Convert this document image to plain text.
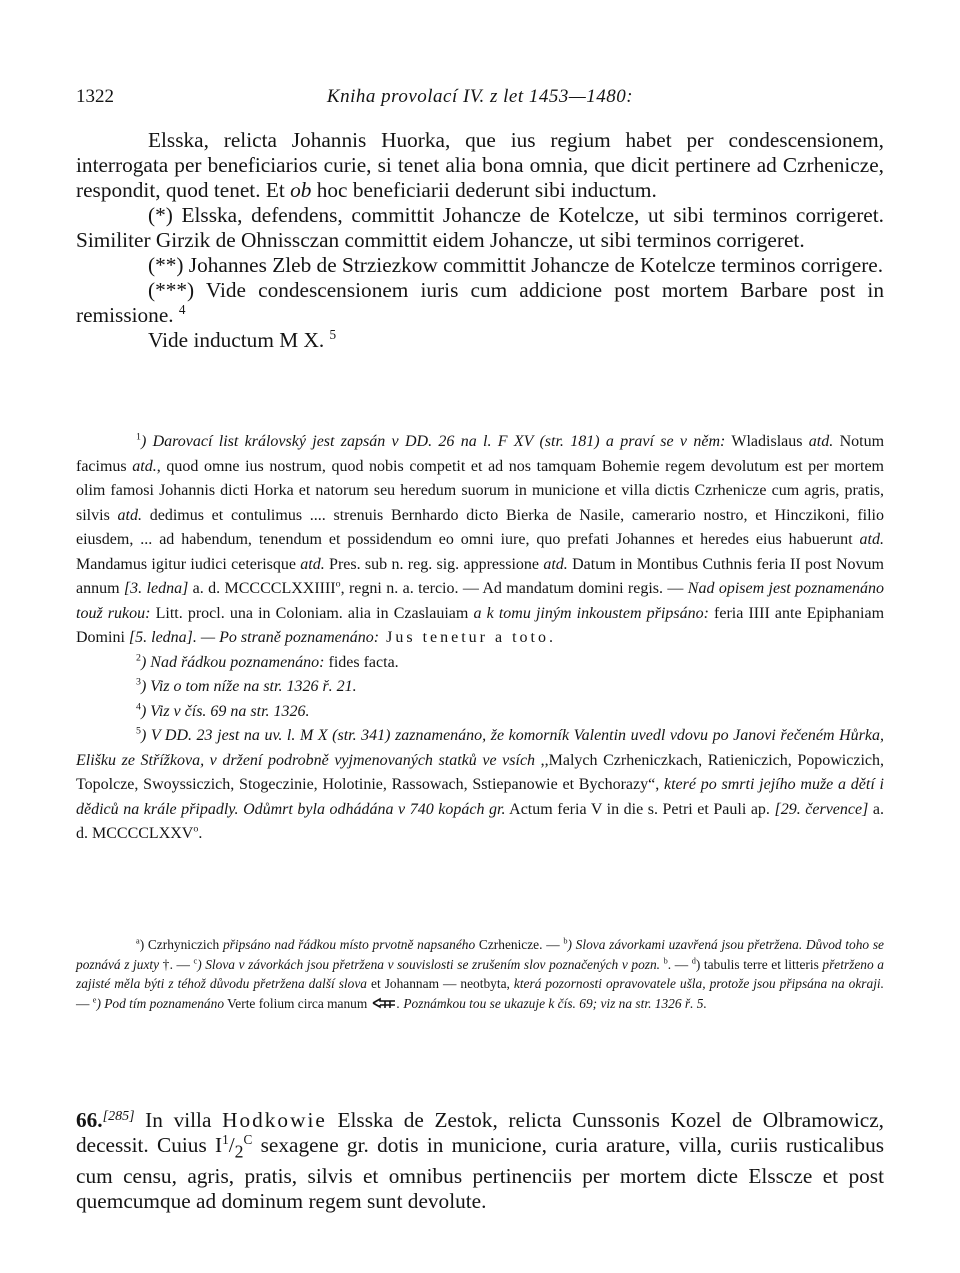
1322	Kniha provolací IV. z let 1453—1480:

Elsska, relicta Johannis Huorka, que ius regium habet per condescensionem, interrogata per beneficiarios curie, si tenet alia bona omnia, que dicit pertinere ad Czrhenicze, respondit, quod tenet. Et ob hoc beneficiarii dederunt sibi inductum.

(*) Elsska, defendens, committit Johancze de Kotelcze, ut sibi terminos corrigeret. Similiter Girzik de Ohnissczan committit eidem Johancze, ut sibi terminos corrigeret.

(**) Johannes Zleb de Strziezkow committit Johancze de Kotelcze terminos corrigere.

(***) Vide condescensionem iuris cum addicione post mortem Barbare post in remissione. $^4$

Vide inductum M X. $^5$

$^1$) Darovací list královský jest zapsán v DD. 26 na l. F XV (str. 181) a praví se v něm: Wladislaus atd. Notum facimus atd., quod omne ius nostrum, quod nobis competit et ad nos tamquam Bohemie regem devolutum est per mortem olim famosi Johannis dicti Horka et natorum seu heredum suorum in municione et villa dictis Czrhenicze cum agris, pratis, silvis atd. dedimus et contulimus .... strenuis Bernhardo dicto Bierka de Nasile, camerario nostro, et Hinczikoni, filio eiusdem, ... ad habendum, tenendum et possidendum eo omni iure, quo prefati Johannes et heredes eius habuerunt atd. Mandamus igitur iudici ceterisque atd. Pres. sub n. reg. sig. appressione atd. Datum in Montibus Cuthnis feria II post Novum annum [3. ledna] a. d. MCCCCLXXIIII$^o$, regni n. a. tercio. — Ad mandatum domini regis. — Nad opisem jest poznamenáno touž rukou: Litt. procl. una in Coloniam. alia in Czaslauiam a k tomu jiným inkoustem připsáno: feria IIII ante Epiphaniam Domini [5. ledna]. — Po straně poznamenáno: Jus tenetur a toto.

$^2$) Nad řádkou poznamenáno: fides facta.

$^3$) Viz o tom níže na str. 1326 ř. 21.

$^4$) Viz v čís. 69 na str. 1326.

$^5$) V DD. 23 jest na uv. l. M X (str. 341) zaznamenáno, že komorník Valentin uvedl vdovu po Janovi řečeném Hůrka, Elišku ze Střížkova, v držení podrobně vyjmenovaných statků ve vsích ,,Malych Czrheniczkach, Ratieniczich, Popowiczich, Topolcze, Swoyssiczich, Stogeczinie, Holotinie, Rassowach, Sstiepanowie et Bychorazy“, které po smrti jejího muže a dětí i dědiců na krále připadly. Odůmrt byla odhádána v 740 kopách gr. Actum feria V in die s. Petri et Pauli ap. [29. července] a. d. MCCCCLXXV$^o$.

$^a$) Czrhyniczich připsáno nad řádkou místo prvotně napsaného Czrhenicze. — $^b$) Slova závorkami uzavřená jsou přetržena. Důvod toho se poznává z juxty †. — $^c$) Slova v závorkách jsou přetržena v souvislosti se zrušením slov poznačených v pozn. $^b$. — $^d$) tabulis terre et litteris přetrženo a zajisté měla býti z téhož důvodu přetržena další slova et Johannam — neotbyta, která pozornosti opravovatele ušla, protože jsou připsána na okraji. — $^e$) Pod tím poznamenáno Verte folium circa manum . Poznámkou tou se ukazuje k čís. 69; viz na str. 1326 ř. 5.

66.[285] In villa Hodkowie Elsska de Zestok, relicta Cunssonis Kozel de Olbramowicz, decessit. Cuius $I^1/_2^C$ sexagene gr. dotis in municione, curia arature, villa, curiis rusticalibus cum censu, agris, pratis, silvis et omnibus pertinenciis per mortem dicte Elsscze et post quemcumque ad dominum regem sunt devolute.
